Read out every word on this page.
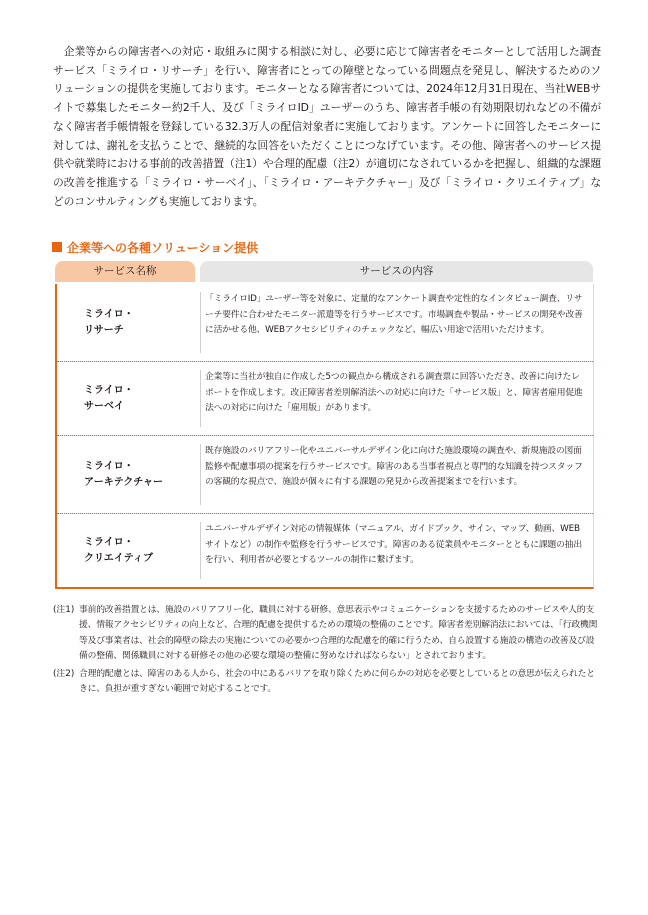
企業等からの障害者への対応・取組みに関する相談に対し、必要に応じて障害者をモニターとして活用した調査サービス「ミライロ・リサーチ」を行い、障害者にとっての障壁となっている問題点を発見し、解決するためのソリューションの提供を実施しております。モニターとなる障害者については、2024年12月31日現在、当社WEBサイトで募集したモニター約2千人、及び「ミライロID」ユーザーのうち、障害者手帳の有効期限切れなどの不備がなく障害者手帳情報を登録している32.3万人の配信対象者に実施しております。アンケートに回答したモニターに対しては、謝礼を支払うことで、継続的な回答をいただくことにつなげています。その他、障害者へのサービス提供や就業時における事前的改善措置（注1）や合理的配慮（注2）が適切になされているかを把握し、組織的な課題の改善を推進する「ミライロ・サーベイ」、「ミライロ・アーキテクチャー」及び「ミライロ・クリエイティブ」などのコンサルティングも実施しております。

企業等への各種ソリューション提供
サービス名称	サービスの内容
ミライロ・
リサーチ
「ミライロID」ユーザー等を対象に、定量的なアンケート調査や定性的なインタビュー調査、リサーチ要件に合わせたモニター派遣等を行うサービスです。市場調査や製品・サービスの開発や改善に活かせる他、WEBアクセシビリティのチェックなど、幅広い用途で活用いただけます。
ミライロ・
サーベイ
企業等に当社が独自に作成した5つの観点から構成される調査票に回答いただき、改善に向けたレポートを作成します。改正障害者差別解消法への対応に向けた「サービス版」と、障害者雇用促進法への対応に向けた「雇用版」があります。
ミライロ・
アーキテクチャー
既存施設のバリアフリー化やユニバーサルデザイン化に向けた施設環境の調査や、新規施設の図面監修や配慮事項の提案を行うサービスです。障害のある当事者視点と専門的な知識を持つスタッフの客観的な視点で、施設が個々に有する課題の発見から改善提案までを行います。
ミライロ・
クリエイティブ
ユニバーサルデザイン対応の情報媒体（マニュアル、ガイドブック、サイン、マップ、動画、WEBサイトなど）の制作や監修を行うサービスです。障害のある従業員やモニターとともに課題の抽出を行い、利用者が必要とするツールの制作に繋げます。
(注1) 事前的改善措置とは、施設のバリアフリー化、職員に対する研修、意思表示やコミュニケーションを支援するためのサービスや人的支援、情報アクセシビリティの向上など、合理的配慮を提供するための環境の整備のことです。障害者差別解消法においては、「行政機関等及び事業者は、社会的障壁の除去の実施についての必要かつ合理的な配慮を的確に行うため、自ら設置する施設の構造の改善及び設備の整備、関係職員に対する研修その他の必要な環境の整備に努めなければならない」とされております。
(注2) 合理的配慮とは、障害のある人から、社会の中にあるバリアを取り除くために何らかの対応を必要としているとの意思が伝えられたときに、負担が重すぎない範囲で対応することです。
